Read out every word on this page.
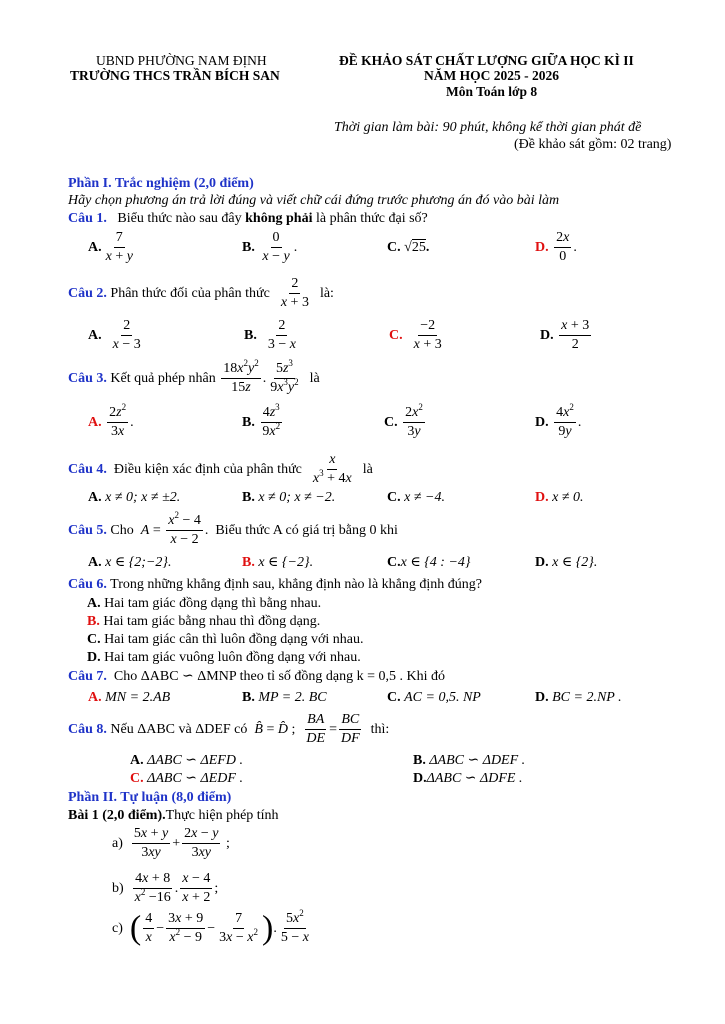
UBND PHƯỜNG NAM ĐỊNH
TRƯỜNG THCS TRẦN BÍCH SAN
ĐỀ KHẢO SÁT CHẤT LƯỢNG GIỮA HỌC KÌ II
NĂM HỌC 2025 - 2026
Môn Toán lớp 8
Thời gian làm bài: 90 phút, không kể thời gian phát đề
(Đề khảo sát gồm: 02 trang)
Phần I. Trắc nghiệm (2,0 điểm)
Hãy chọn phương án trả lời đúng và viết chữ cái đứng trước phương án đó vào bài làm
Câu 1. Biểu thức nào sau đây không phải là phân thức đại số?
A. $\frac{7}{x + y}$	B. $\frac{0}{x - y}$ .	C. √25.	D. $\frac{2x}{0}$ .
Câu 2. Phân thức đối của phân thức $\frac{2}{x + 3}$ là:
A. $\frac{2}{x - 3}$	B. $\frac{2}{3 - x}$	C. $\frac{-2}{x + 3}$	D. $\frac{x + 3}{2}$
Câu 3. Kết quả phép nhân $\frac{18x^2y^2}{15z}$ . $\frac{5z^3}{9x^3y^2}$ là
A. $\frac{2z^2}{3x}$ .	B. $\frac{4z^3}{9x^2}$	C. $\frac{2x^2}{3y}$	D. $\frac{4x^2}{9y}$ .
Câu 4. Điều kiện xác định của phân thức $\frac{x}{x^3 + 4x}$ là
A. x ≠ 0; x ≠ ±2.	B. x ≠ 0; x ≠ −2.	C. x ≠ −4.	D. x ≠ 0.
Câu 5. Cho $A = \frac{x^2 - 4}{x - 2}$ .  Biểu thức A có giá trị bằng 0 khi
A. x ∈ {2;−2}.	B. x ∈ {−2}.	C.x ∈ {4 : −4}	D. x ∈ {2}.
Câu 6. Trong những khẳng định sau, khẳng định nào là khẳng định đúng?
A. Hai tam giác đồng dạng thì bằng nhau.
B. Hai tam giác bằng nhau thì đồng dạng.
C. Hai tam giác cân thì luôn đồng dạng với nhau.
D. Hai tam giác vuông luôn đồng dạng với nhau.
Câu 7. Cho ΔABC ∽ ΔMNP theo tỉ số đồng dạng k = 0,5 . Khi đó
A. MN = 2.AB	B. MP = 2. BC	C. AC = 0,5. NP	D. BC = 2.NP .
Câu 8. Nếu ΔABC và ΔDEF có B̂ = D̂ ; $\frac{BA}{DE} = \frac{BC}{DF}$ thì:
A. ΔABC ∽ ΔEFD .	B. ΔABC ∽ ΔDEF .
C. ΔABC ∽ ΔEDF .	D.ΔABC ∽ ΔDFE .
Phần II. Tự luận (8,0 điểm)
Bài 1 (2,0 điểm).Thực hiện phép tính
$a) \frac{5x + y}{3xy} + \frac{2x - y}{3xy}$ ;
$b) \frac{4x + 8}{x^2 -16}$ . $\frac{x - 4}{x + 2}$ ;
c) ( $\frac{4}{x} - \frac{3x + 9}{x^2 - 9} - \frac{7}{3x - x^2}$ ). $\frac{5x^2}{5 - x}$
